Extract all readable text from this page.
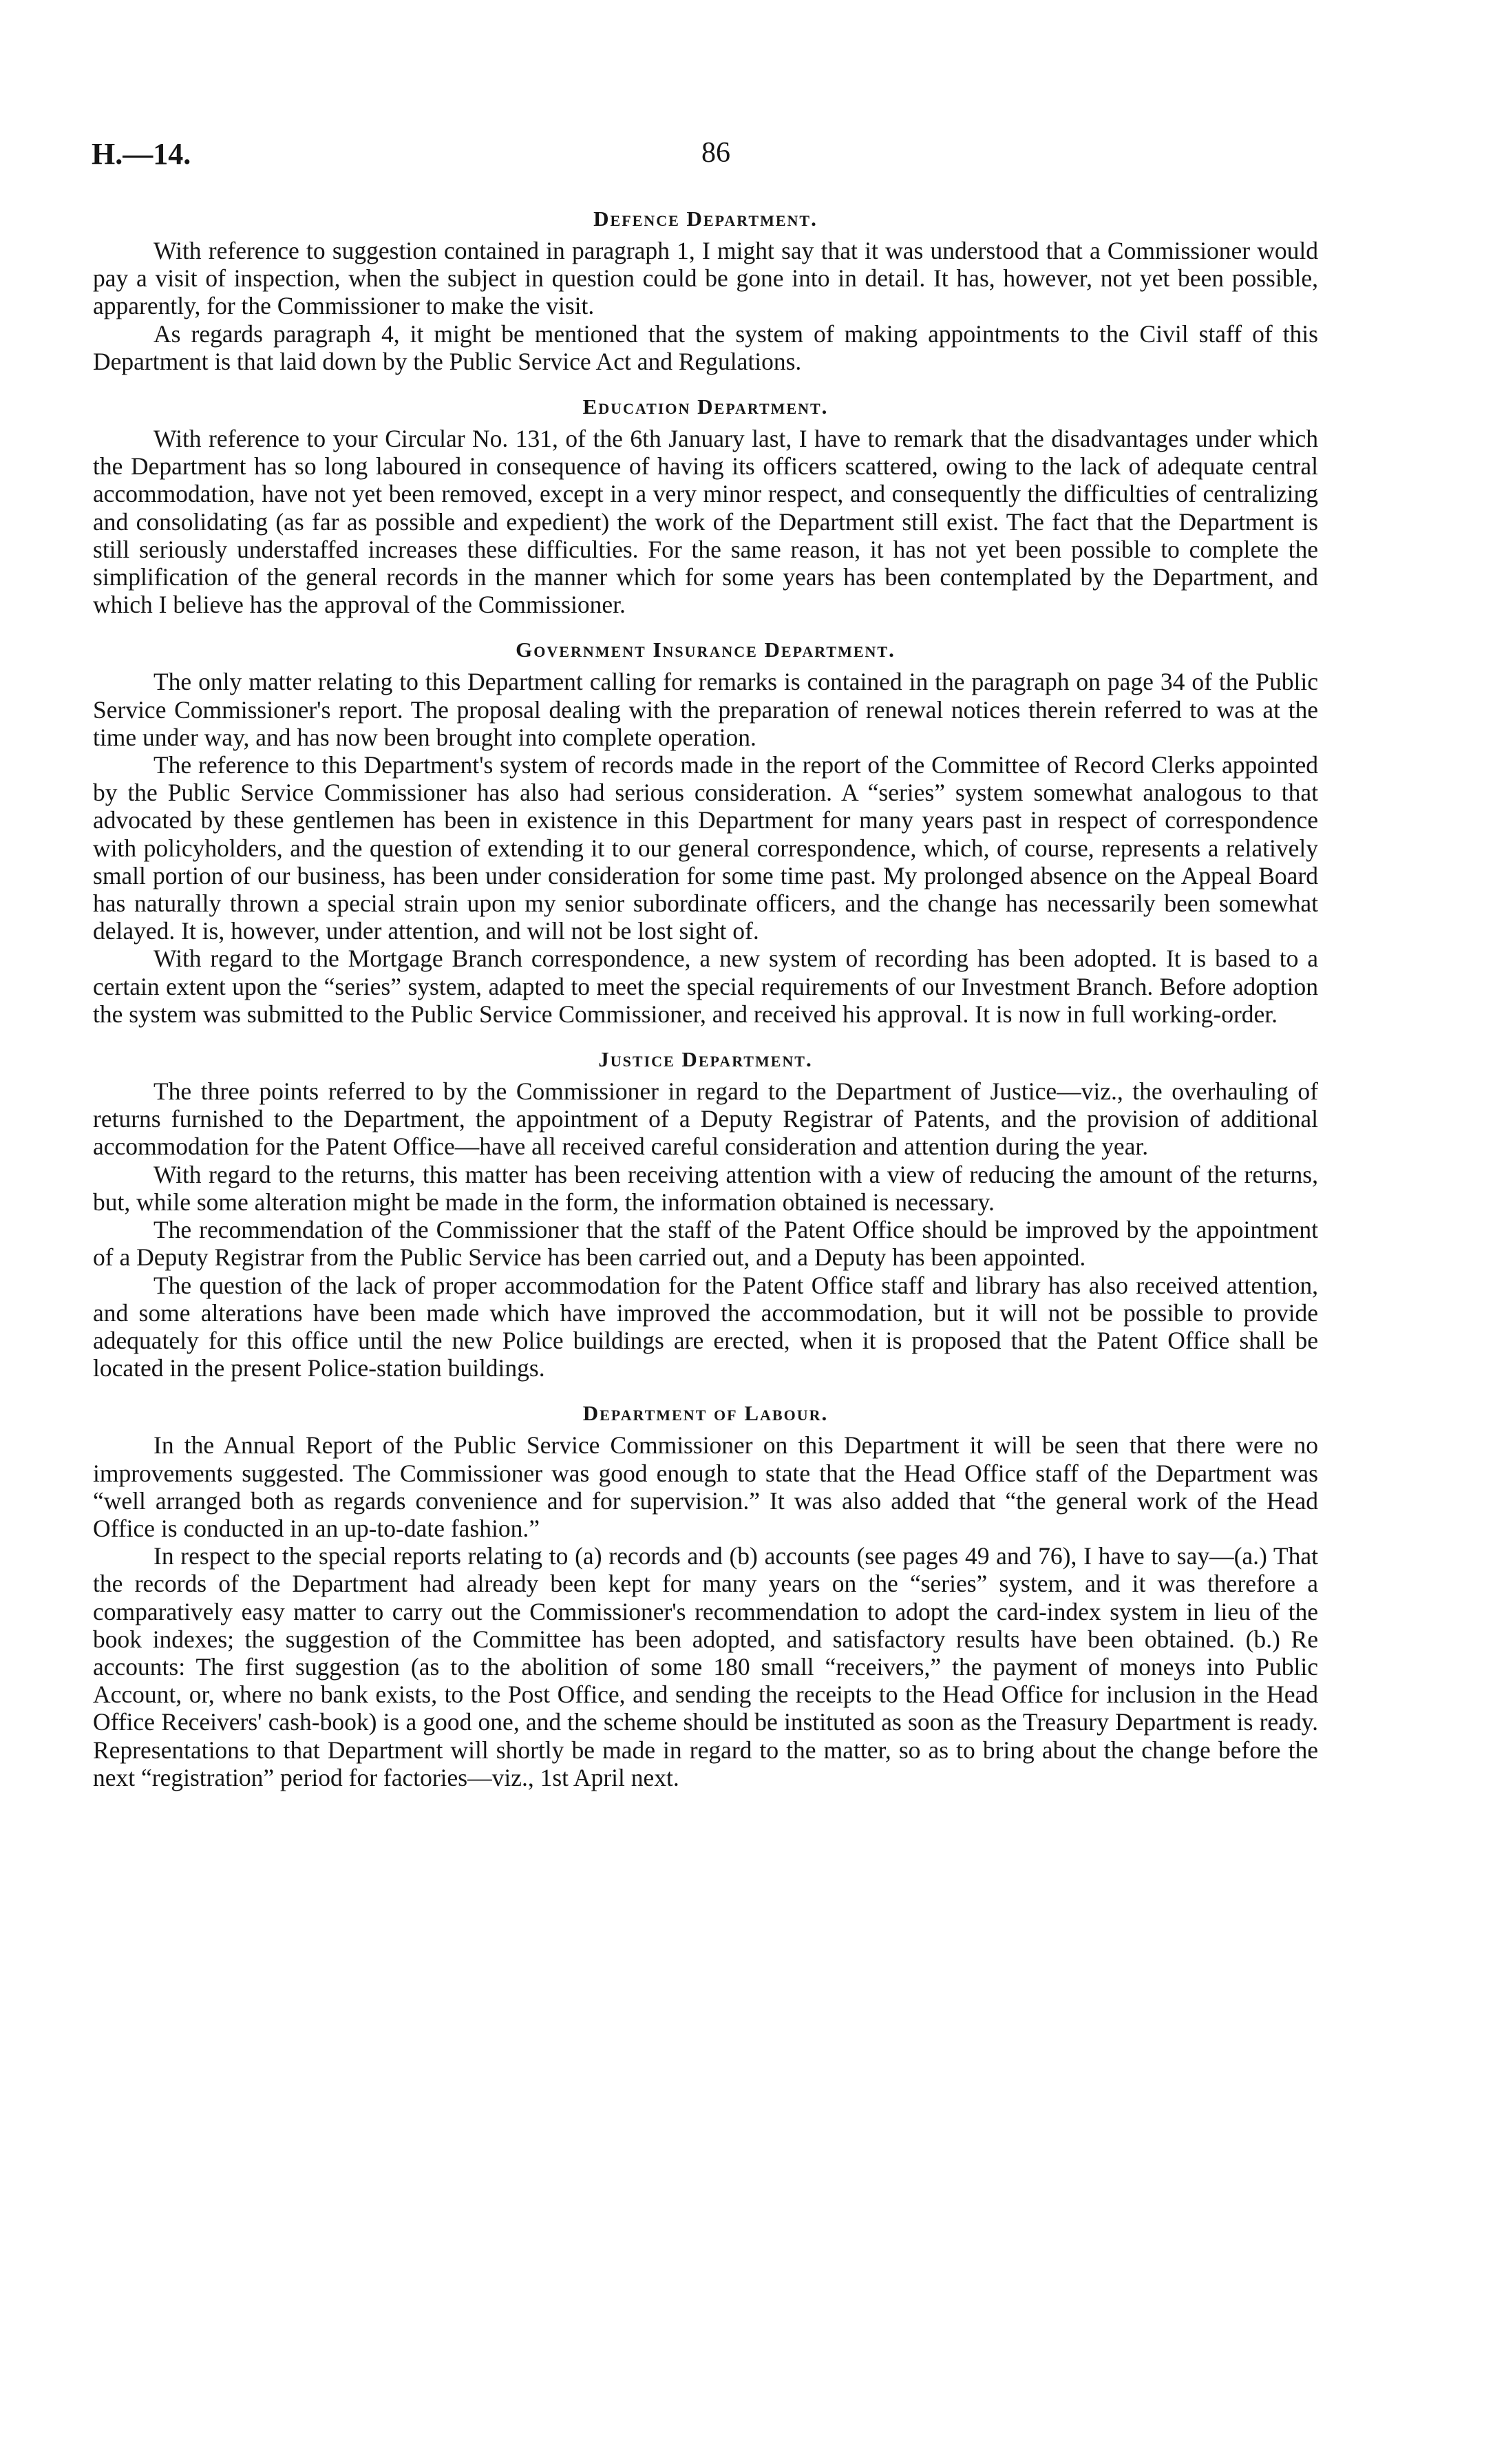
H.—14.	86
Defence Department.

With reference to suggestion contained in paragraph 1, I might say that it was understood that a Commissioner would pay a visit of inspection, when the subject in question could be gone into in detail. It has, however, not yet been possible, apparently, for the Commissioner to make the visit.

As regards paragraph 4, it might be mentioned that the system of making appointments to the Civil staff of this Department is that laid down by the Public Service Act and Regulations.

Education Department.

With reference to your Circular No. 131, of the 6th January last, I have to remark that the disadvantages under which the Department has so long laboured in consequence of having its officers scattered, owing to the lack of adequate central accommodation, have not yet been removed, except in a very minor respect, and consequently the difficulties of centralizing and consolidating (as far as possible and expedient) the work of the Department still exist. The fact that the Department is still seriously understaffed increases these difficulties. For the same reason, it has not yet been possible to complete the simplification of the general records in the manner which for some years has been contemplated by the Department, and which I believe has the approval of the Commissioner.

Government Insurance Department.

The only matter relating to this Department calling for remarks is contained in the paragraph on page 34 of the Public Service Commissioner's report. The proposal dealing with the preparation of renewal notices therein referred to was at the time under way, and has now been brought into complete operation.

The reference to this Department's system of records made in the report of the Committee of Record Clerks appointed by the Public Service Commissioner has also had serious consideration. A “series” system somewhat analogous to that advocated by these gentlemen has been in existence in this Department for many years past in respect of correspondence with policyholders, and the question of extending it to our general correspondence, which, of course, represents a relatively small portion of our business, has been under consideration for some time past. My prolonged absence on the Appeal Board has naturally thrown a special strain upon my senior subordinate officers, and the change has necessarily been somewhat delayed. It is, however, under attention, and will not be lost sight of.

With regard to the Mortgage Branch correspondence, a new system of recording has been adopted. It is based to a certain extent upon the “series” system, adapted to meet the special requirements of our Investment Branch. Before adoption the system was submitted to the Public Service Commissioner, and received his approval. It is now in full working-order.

Justice Department.

The three points referred to by the Commissioner in regard to the Department of Justice—viz., the overhauling of returns furnished to the Department, the appointment of a Deputy Registrar of Patents, and the provision of additional accommodation for the Patent Office—have all received careful consideration and attention during the year.

With regard to the returns, this matter has been receiving attention with a view of reducing the amount of the returns, but, while some alteration might be made in the form, the information obtained is necessary.

The recommendation of the Commissioner that the staff of the Patent Office should be improved by the appointment of a Deputy Registrar from the Public Service has been carried out, and a Deputy has been appointed.

The question of the lack of proper accommodation for the Patent Office staff and library has also received attention, and some alterations have been made which have improved the accommodation, but it will not be possible to provide adequately for this office until the new Police buildings are erected, when it is proposed that the Patent Office shall be located in the present Police-station buildings.

Department of Labour.

In the Annual Report of the Public Service Commissioner on this Department it will be seen that there were no improvements suggested. The Commissioner was good enough to state that the Head Office staff of the Department was “well arranged both as regards convenience and for supervision.” It was also added that “the general work of the Head Office is conducted in an up-to-date fashion.”

In respect to the special reports relating to (a) records and (b) accounts (see pages 49 and 76), I have to say—(a.) That the records of the Department had already been kept for many years on the “series” system, and it was therefore a comparatively easy matter to carry out the Commissioner's recommendation to adopt the card-index system in lieu of the book indexes; the suggestion of the Committee has been adopted, and satisfactory results have been obtained. (b.) Re accounts: The first suggestion (as to the abolition of some 180 small “receivers,” the payment of moneys into Public Account, or, where no bank exists, to the Post Office, and sending the receipts to the Head Office for inclusion in the Head Office Receivers' cash-book) is a good one, and the scheme should be instituted as soon as the Treasury Department is ready. Representations to that Department will shortly be made in regard to the matter, so as to bring about the change before the next “registration” period for factories—viz., 1st April next.
